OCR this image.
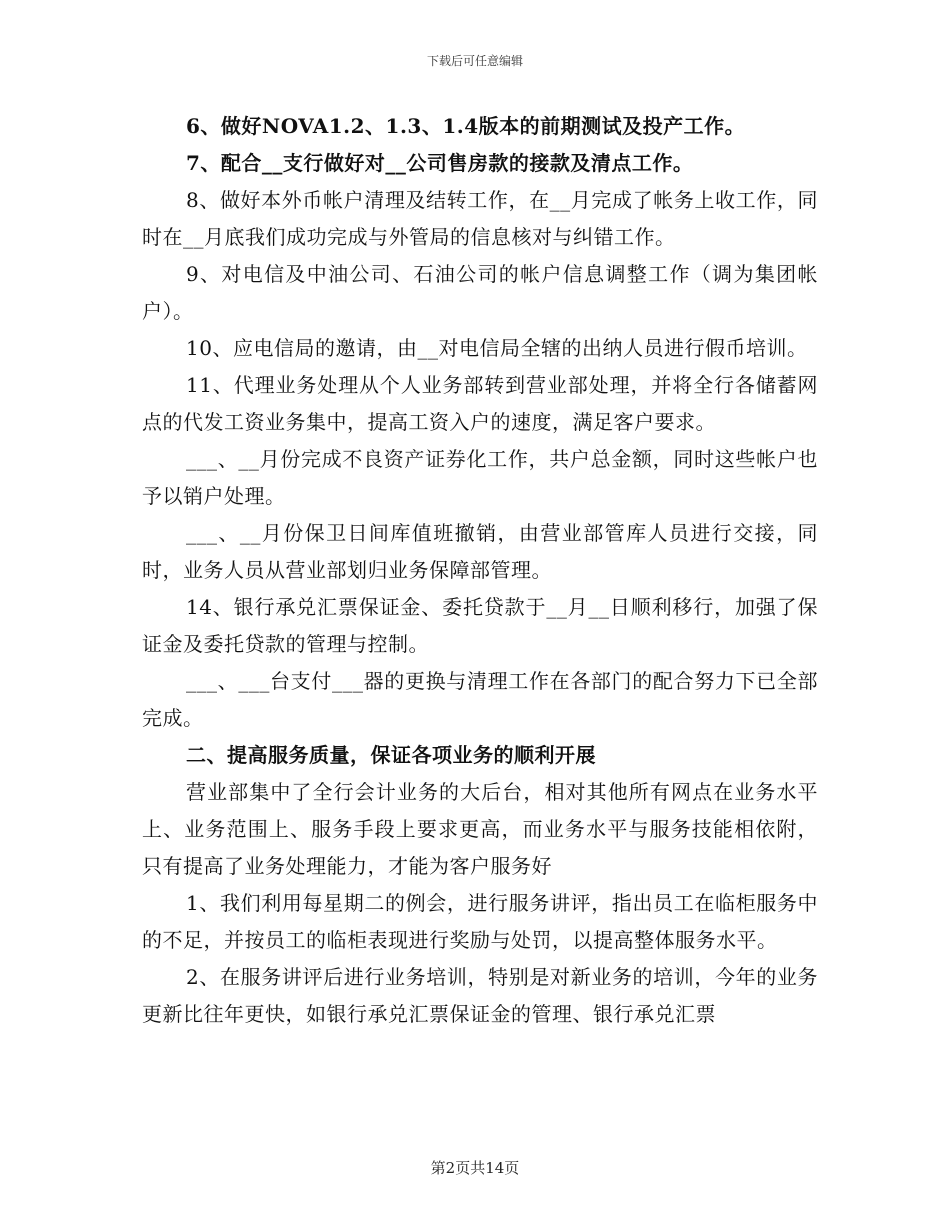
下载后可任意编辑

6、做好NOVA1.2、1.3、1.4版本的前期测试及投产工作。

7、配合__支行做好对__公司售房款的接款及清点工作。

8、做好本外币帐户清理及结转工作，在__月完成了帐务上收工作，同时在__月底我们成功完成与外管局的信息核对与纠错工作。

9、对电信及中油公司、石油公司的帐户信息调整工作（调为集团帐户）。

10、应电信局的邀请，由__对电信局全辖的出纳人员进行假币培训。

11、代理业务处理从个人业务部转到营业部处理，并将全行各储蓄网点的代发工资业务集中，提高工资入户的速度，满足客户要求。

___、__月份完成不良资产证券化工作，共户总金额，同时这些帐户也予以销户处理。

___、__月份保卫日间库值班撤销，由营业部管库人员进行交接，同时，业务人员从营业部划归业务保障部管理。

14、银行承兑汇票保证金、委托贷款于__月__日顺利移行，加强了保证金及委托贷款的管理与控制。

___、___台支付___器的更换与清理工作在各部门的配合努力下已全部完成。

二、提高服务质量，保证各项业务的顺利开展

营业部集中了全行会计业务的大后台，相对其他所有网点在业务水平上、业务范围上、服务手段上要求更高，而业务水平与服务技能相依附，只有提高了业务处理能力，才能为客户服务好

1、我们利用每星期二的例会，进行服务讲评，指出员工在临柜服务中的不足，并按员工的临柜表现进行奖励与处罚，以提高整体服务水平。

2、在服务讲评后进行业务培训，特别是对新业务的培训，今年的业务更新比往年更快，如银行承兑汇票保证金的管理、银行承兑汇票

第2页共14页
